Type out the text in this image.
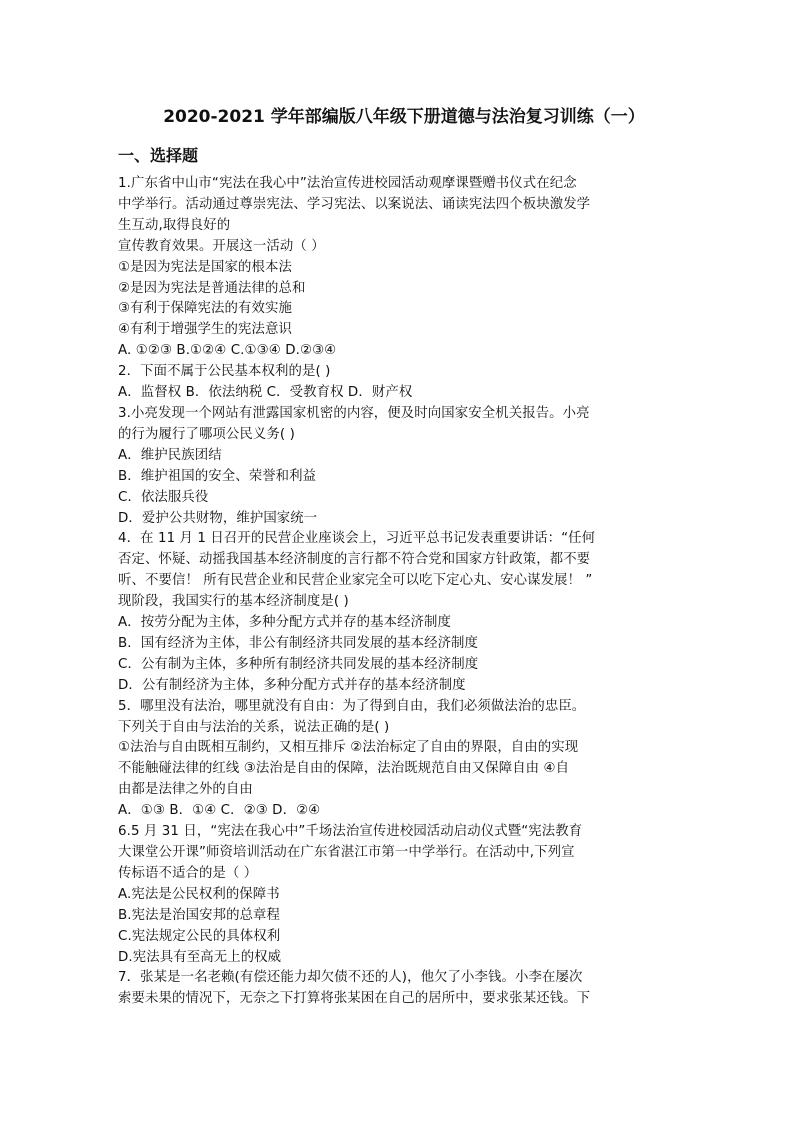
2020-2021 学年部编版八年级下册道德与法治复习训练（一）
一、选择题
1.广东省中山市“宪法在我心中”法治宣传进校园活动观摩课暨赠书仪式在纪念
中学举行。活动通过尊崇宪法、学习宪法、以案说法、诵读宪法四个板块激发学
生互动,取得良好的
宣传教育效果。开展这一活动（ ）
①是因为宪法是国家的根本法
②是因为宪法是普通法律的总和
③有利于保障宪法的有效实施
④有利于增强学生的宪法意识
A. ①②③ B.①②④ C.①③④ D.②③④
2．下面不属于公民基本权利的是( )
A．监督权 B．依法纳税 C．受教育权 D．财产权
3.小亮发现一个网站有泄露国家机密的内容，便及时向国家安全机关报告。小亮
的行为履行了哪项公民义务( )
A．维护民族团结
B．维护祖国的安全、荣誉和利益
C．依法服兵役
D．爱护公共财物，维护国家统一
4．在 11 月 1 日召开的民营企业座谈会上，习近平总书记发表重要讲话：“任何
否定、怀疑、动摇我国基本经济制度的言行都不符合党和国家方针政策，都不要
听、不要信！ 所有民营企业和民营企业家完全可以吃下定心丸、安心谋发展！ ”
现阶段，我国实行的基本经济制度是( )
A．按劳分配为主体，多种分配方式并存的基本经济制度
B．国有经济为主体，非公有制经济共同发展的基本经济制度
C．公有制为主体，多种所有制经济共同发展的基本经济制度
D．公有制经济为主体，多种分配方式并存的基本经济制度
5．哪里没有法治，哪里就没有自由：为了得到自由，我们必须做法治的忠臣。
下列关于自由与法治的关系，说法正确的是( )
①法治与自由既相互制约，又相互排斥 ②法治标定了自由的界限，自由的实现
不能触碰法律的红线 ③法治是自由的保障，法治既规范自由又保障自由 ④自
由都是法律之外的自由
A．①③ B．①④ C．②③ D．②④
6.5 月 31 日，“宪法在我心中”千场法治宣传进校园活动启动仪式暨“宪法教育
大课堂公开课”师资培训活动在广东省湛江市第一中学举行。在活动中,下列宣
传标语不适合的是（ ）
A.宪法是公民权利的保障书
B.宪法是治国安邦的总章程
C.宪法规定公民的具体权利
D.宪法具有至高无上的权威
7．张某是一名老赖(有偿还能力却欠债不还的人)，他欠了小李钱。小李在屡次
索要未果的情况下，无奈之下打算将张某困在自己的居所中，要求张某还钱。下
